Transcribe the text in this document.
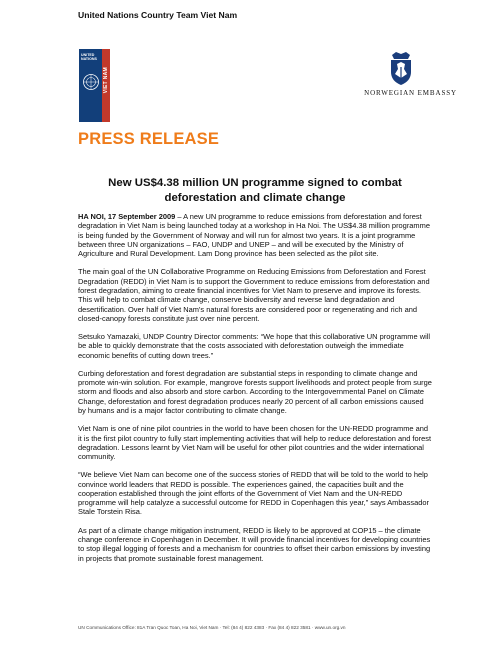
United Nations Country Team Viet Nam
UNITED NATIONS
VIET NAM	NORWEGIAN EMBASSY
PRESS RELEASE
New US$4.38 million UN programme signed to combat deforestation and climate change

HA NOI, 17 September 2009 – A new UN programme to reduce emissions from deforestation and forest degradation in Viet Nam is being launched today at a workshop in Ha Noi. The US$4.38 million programme is being funded by the Government of Norway and will run for almost two years. It is a joint programme between three UN organizations – FAO, UNDP and UNEP – and will be executed by the Ministry of Agriculture and Rural Development. Lam Dong province has been selected as the pilot site.

The main goal of the UN Collaborative Programme on Reducing Emissions from Deforestation and Forest Degradation (REDD) in Viet Nam is to support the Government to reduce emissions from deforestation and forest degradation, aiming to create financial incentives for Viet Nam to preserve and improve its forests. This will help to combat climate change, conserve biodiversity and reverse land degradation and desertification. Over half of Viet Nam's natural forests are considered poor or regenerating and rich and closed-canopy forests constitute just over nine percent.

Setsuko Yamazaki, UNDP Country Director comments: “We hope that this collaborative UN programme will be able to quickly demonstrate that the costs associated with deforestation outweigh the immediate economic benefits of cutting down trees.”

Curbing deforestation and forest degradation are substantial steps in responding to climate change and promote win-win solution. For example, mangrove forests support livelihoods and protect people from surge storm and floods and also absorb and store carbon. According to the Intergovernmental Panel on Climate Change, deforestation and forest degradation produces nearly 20 percent of all carbon emissions caused by humans and is a major factor contributing to climate change.

Viet Nam is one of nine pilot countries in the world to have been chosen for the UN-REDD programme and it is the first pilot country to fully start implementing activities that will help to reduce deforestation and forest degradation. Lessons learnt by Viet Nam will be useful for other pilot countries and the wider international community.

“We believe Viet Nam can become one of the success stories of REDD that will be told to the world to help convince world leaders that REDD is possible. The experiences gained, the capacities built and the cooperation established through the joint efforts of the Government of Viet Nam and the UN-REDD programme will help catalyze a successful outcome for REDD in Copenhagen this year,” says Ambassador Stale Torstein Risa.

As part of a climate change mitigation instrument, REDD is likely to be approved at COP15 – the climate change conference in Copenhagen in December. It will provide financial incentives for developing countries to stop illegal logging of forests and a mechanism for countries to offset their carbon emissions by investing in projects that promote sustainable forest management.

UN Communications Office: 81A Tran Quoc Toan, Ha Noi, Viet Nam · Tel: (84 4) 822 4383 · Fax (84 4) 822 3581 · www.un.org.vn
